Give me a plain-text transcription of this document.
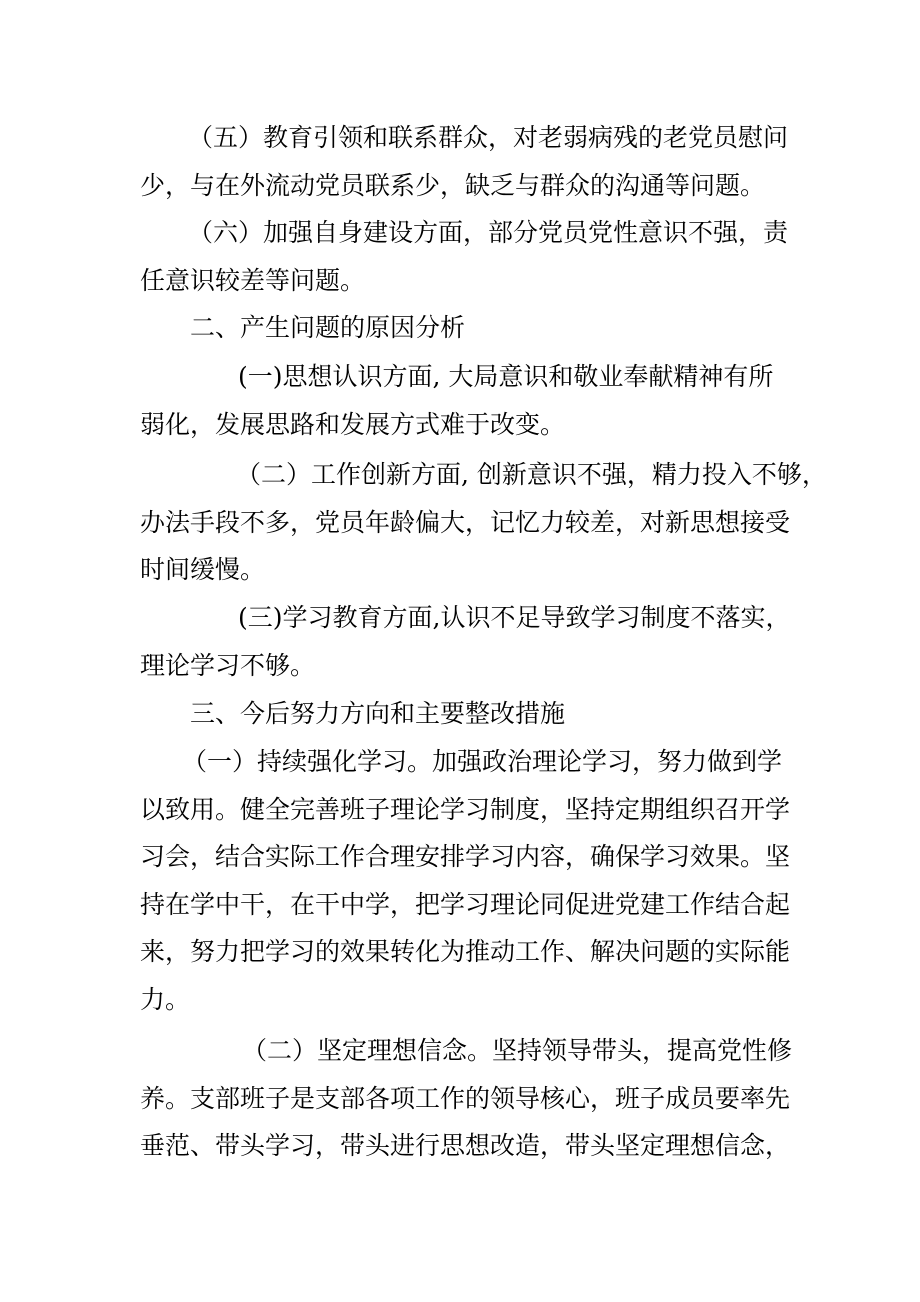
（五）教育引领和联系群众，对老弱病残的老党员慰问
少，与在外流动党员联系少，缺乏与群众的沟通等问题。

（六）加强自身建设方面，部分党员党性意识不强，责
任意识较差等问题。

二、产生问题的原因分析

(一)思想认识方面, 大局意识和敬业奉献精神有所
弱化，发展思路和发展方式难于改变。

（二）工作创新方面, 创新意识不强，精力投入不够，
办法手段不多，党员年龄偏大，记忆力较差，对新思想接受
时间缓慢。

(三)学习教育方面,认识不足导致学习制度不落实，
理论学习不够。

三、今后努力方向和主要整改措施

（一）持续强化学习。加强政治理论学习，努力做到学
以致用。健全完善班子理论学习制度，坚持定期组织召开学
习会，结合实际工作合理安排学习内容，确保学习效果。坚
持在学中干，在干中学，把学习理论同促进党建工作结合起
来，努力把学习的效果转化为推动工作、解决问题的实际能
力。

（二）坚定理想信念。坚持领导带头，提高党性修
养。支部班子是支部各项工作的领导核心，班子成员要率先
垂范、带头学习，带头进行思想改造，带头坚定理想信念，
